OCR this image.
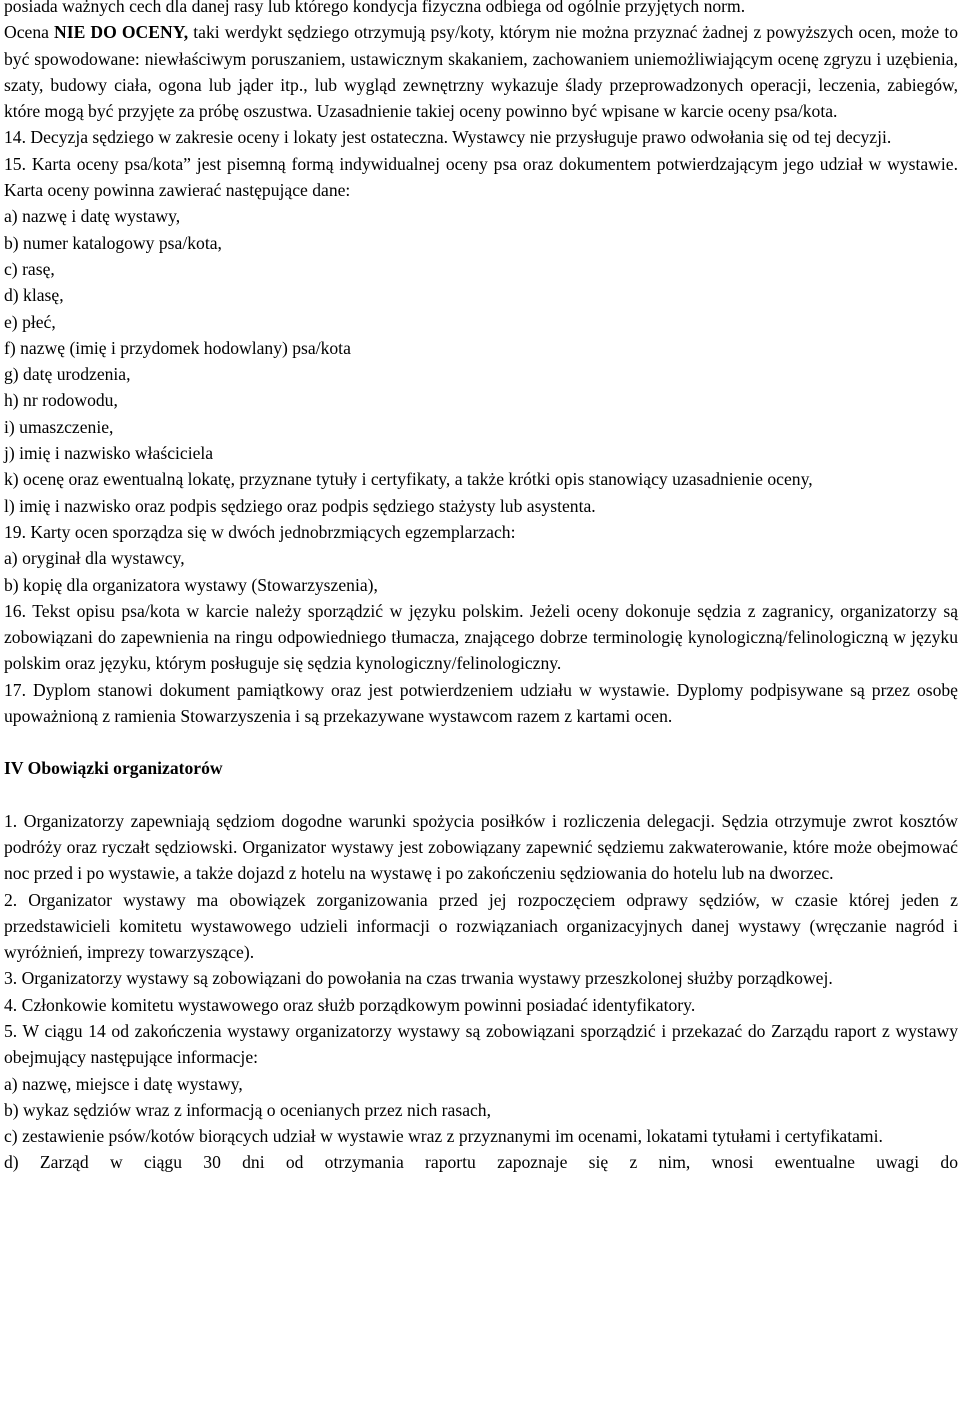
posiada ważnych cech dla danej rasy lub którego kondycja fizyczna odbiega od ogólnie przyjętych norm.

Ocena NIE DO OCENY, taki werdykt sędziego otrzymują psy/koty, którym nie można przyznać żadnej z powyższych ocen, może to być spowodowane: niewłaściwym poruszaniem, ustawicznym skakaniem, zachowaniem uniemożliwiającym ocenę zgryzu i uzębienia, szaty, budowy ciała, ogona lub jąder itp., lub wygląd zewnętrzny wykazuje ślady przeprowadzonych operacji, leczenia, zabiegów, które mogą być przyjęte za próbę oszustwa. Uzasadnienie takiej oceny powinno być wpisane w karcie oceny psa/kota.

14. Decyzja sędziego w zakresie oceny i lokaty jest ostateczna. Wystawcy nie przysługuje prawo odwołania się od tej decyzji.

15. Karta oceny psa/kota” jest pisemną formą indywidualnej oceny psa oraz dokumentem potwierdzającym jego udział w wystawie. Karta oceny powinna zawierać następujące dane:

a) nazwę i datę wystawy,

b) numer katalogowy psa/kota,

c) rasę,

d) klasę,

e) płeć,

f) nazwę (imię i przydomek hodowlany) psa/kota

g) datę urodzenia,

h) nr rodowodu,

i) umaszczenie,

j) imię i nazwisko właściciela

k) ocenę oraz ewentualną lokatę, przyznane tytuły i certyfikaty, a także krótki opis stanowiący uzasadnienie oceny,

l) imię i nazwisko oraz podpis sędziego oraz podpis sędziego stażysty lub asystenta.

19. Karty ocen sporządza się w dwóch jednobrzmiących egzemplarzach:

a) oryginał dla wystawcy,

b) kopię dla organizatora wystawy (Stowarzyszenia),

16. Tekst opisu psa/kota w karcie należy sporządzić w języku polskim. Jeżeli oceny dokonuje sędzia z zagranicy, organizatorzy są zobowiązani do zapewnienia na ringu odpowiedniego tłumacza, znającego dobrze terminologię kynologiczną/felinologiczną w języku polskim oraz języku, którym posługuje się sędzia kynologiczny/felinologiczny.

17. Dyplom stanowi dokument pamiątkowy oraz jest potwierdzeniem udziału w wystawie. Dyplomy podpisywane są przez osobę upoważnioną z ramienia Stowarzyszenia i są przekazywane wystawcom razem z kartami ocen.

IV Obowiązki organizatorów

1. Organizatorzy zapewniają sędziom dogodne warunki spożycia posiłków i rozliczenia delegacji. Sędzia otrzymuje zwrot kosztów podróży oraz ryczałt sędziowski. Organizator wystawy jest zobowiązany zapewnić sędziemu zakwaterowanie, które może obejmować noc przed i po wystawie, a także dojazd z hotelu na wystawę i po zakończeniu sędziowania do hotelu lub na dworzec.

2. Organizator wystawy ma obowiązek zorganizowania przed jej rozpoczęciem odprawy sędziów, w czasie której jeden z przedstawicieli komitetu wystawowego udzieli informacji o rozwiązaniach organizacyjnych danej wystawy (wręczanie nagród i wyróżnień, imprezy towarzyszące).

3. Organizatorzy wystawy są zobowiązani do powołania na czas trwania wystawy przeszkolonej służby porządkowej.

4. Członkowie komitetu wystawowego oraz służb porządkowym powinni posiadać identyfikatory.

5. W ciągu 14 od zakończenia wystawy organizatorzy wystawy są zobowiązani sporządzić i przekazać do Zarządu raport z wystawy obejmujący następujące informacje:

a) nazwę, miejsce i datę wystawy,

b) wykaz sędziów wraz z informacją o ocenianych przez nich rasach,

c) zestawienie psów/kotów biorących udział w wystawie wraz z przyznanymi im ocenami, lokatami tytułami i certyfikatami.

d) Zarząd w ciągu 30 dni od otrzymania raportu zapoznaje się z nim, wnosi ewentualne uwagi do
